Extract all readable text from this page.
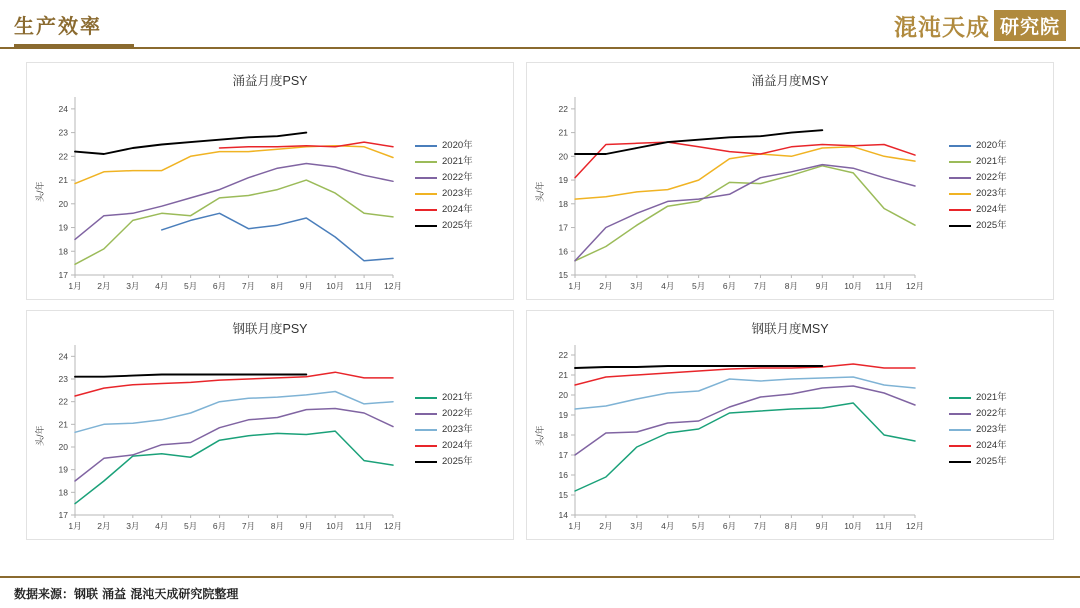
生产效率	混沌天成 研究院
涌益月度PSY
17
18
19
20
21
22
23
24
1月 2月 3月 4月 5月 6月 7月 8月 9月 10月 11月 12月
头/年
2020年
2021年
2022年
2023年
2024年
2025年
涌益月度MSY
15
16
17
18
19
20
21
22
1月 2月 3月 4月 5月 6月 7月 8月 9月 10月 11月 12月
头/年
2020年
2021年
2022年
2023年
2024年
2025年
钢联月度PSY
17
18
19
20
21
22
23
24
1月 2月 3月 4月 5月 6月 7月 8月 9月 10月 11月 12月
头/年
2021年
2022年
2023年
2024年
2025年
钢联月度MSY
14
15
16
17
18
19
20
21
22
1月 2月 3月 4月 5月 6月 7月 8月 9月 10月 11月 12月
头/年
2021年
2022年
2023年
2024年
2025年
数据来源：钢联 涌益 混沌天成研究院整理
